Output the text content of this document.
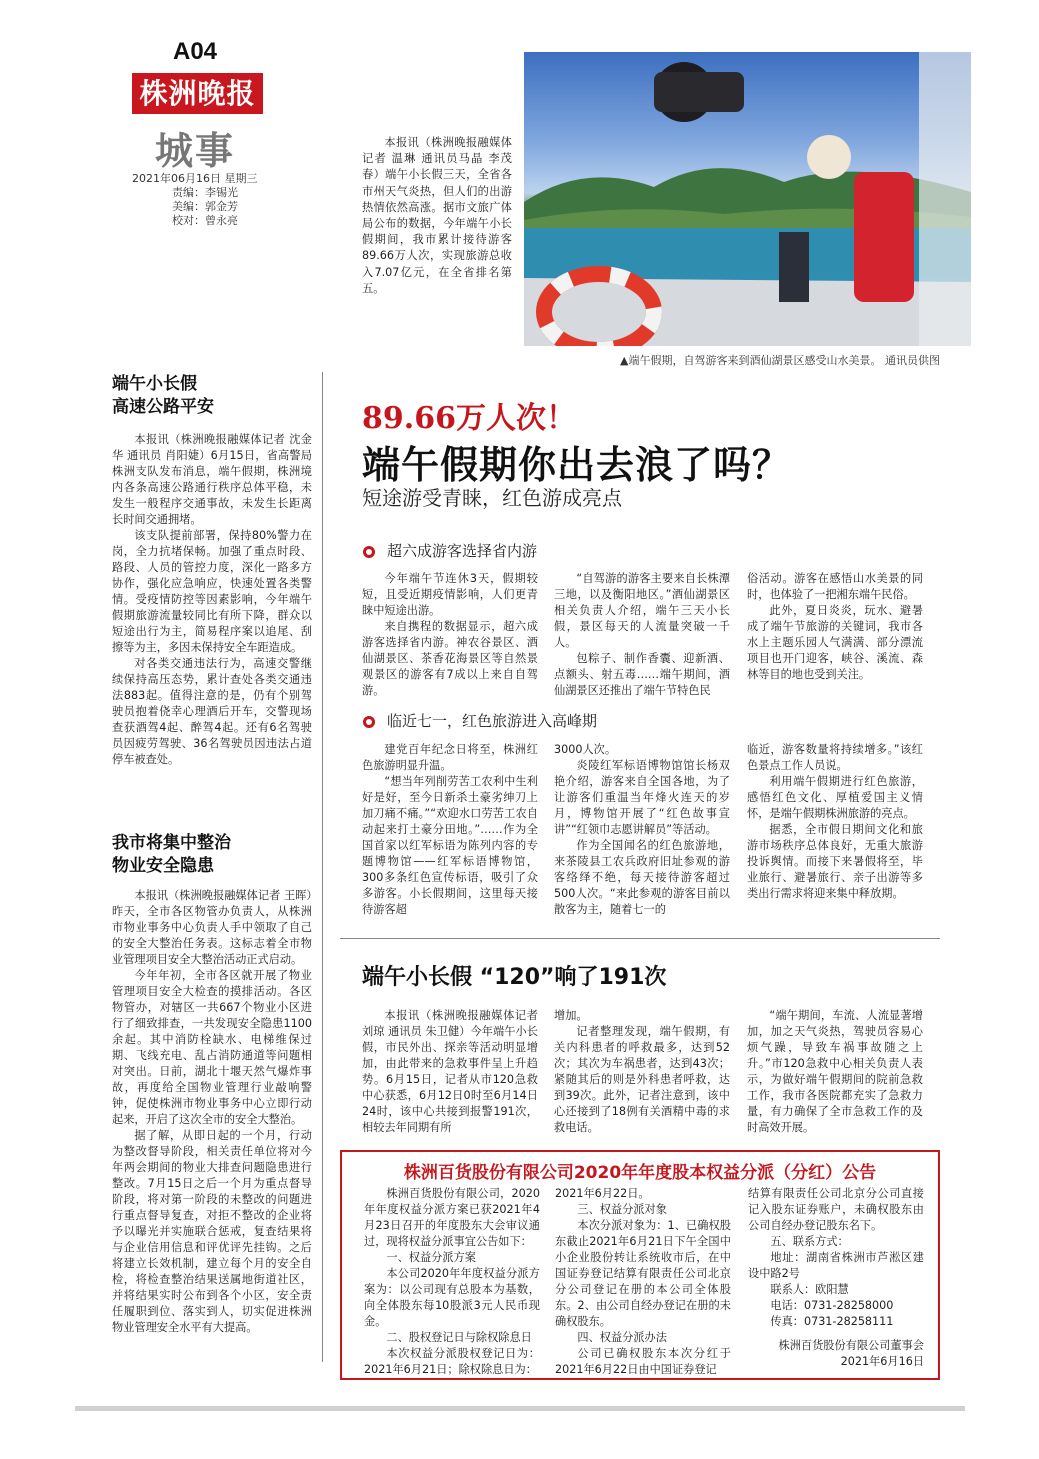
A04
株洲晚报
城事
2021年06月16日 星期三
责编：李锡光
美编：郭金芳
校对：曾永亮

本报讯（株洲晚报融媒体记者 温琳 通讯员马晶 李茂春）端午小长假三天，全省各市州天气炎热，但人们的出游热情依然高涨。据市文旅广体局公布的数据，今年端午小长假期间，我市累计接待游客89.66万人次，实现旅游总收入7.07亿元，在全省排名第五。

▲端午假期，自驾游客来到酒仙湖景区感受山水美景。 通讯员供图
端午小长假
高速公路平安

本报讯（株洲晚报融媒体记者 沈金华 通讯员 肖阳婕）6月15日，省高警局株洲支队发布消息，端午假期，株洲境内各条高速公路通行秩序总体平稳，未发生一般程序交通事故，未发生长距离长时间交通拥堵。

该支队提前部署，保持80%警力在岗，全力抗堵保畅。加强了重点时段、路段、人员的管控力度，深化一路多方协作，强化应急响应，快速处置各类警情。受疫情防控等因素影响，今年端午假期旅游流量较同比有所下降，群众以短途出行为主，简易程序案以追尾、刮擦等为主，多因未保持安全车距造成。

对各类交通违法行为，高速交警继续保持高压态势，累计查处各类交通违法883起。值得注意的是，仍有个别驾驶员抱着侥幸心理酒后开车，交警现场查获酒驾4起、醉驾4起。还有6名驾驶员因疲劳驾驶、36名驾驶员因违法占道停车被查处。

我市将集中整治
物业安全隐患

本报讯（株洲晚报融媒体记者 王晖）昨天，全市各区物管办负责人，从株洲市物业事务中心负责人手中领取了自己的安全大整治任务表。这标志着全市物业管理项目安全大整治活动正式启动。

今年年初，全市各区就开展了物业管理项目安全大检查的摸排活动。各区物管办，对辖区一共667个物业小区进行了细致排查，一共发现安全隐患1100余起。其中消防栓缺水、电梯维保过期、飞线充电、乱占消防通道等问题相对突出。日前，湖北十堰天然气爆炸事故，再度给全国物业管理行业敲响警钟，促使株洲市物业事务中心立即行动起来，开启了这次全市的安全大整治。

据了解，从即日起的一个月，行动为整改督导阶段，相关责任单位将对今年两会期间的物业大排查问题隐患进行整改。7月15日之后一个月为重点督导阶段，将对第一阶段的未整改的问题进行重点督导复查，对拒不整改的企业将予以曝光并实施联合惩戒，复查结果将与企业信用信息和评优评先挂钩。之后将建立长效机制，建立每个月的安全自检，将检查整治结果送属地街道社区，并将结果实时公布到各个小区，安全责任履职到位、落实到人，切实促进株洲物业管理安全水平有大提高。

89.66万人次！
端午假期你出去浪了吗？
短途游受青睐，红色游成亮点
超六成游客选择省内游

今年端午节连休3天，假期较短，且受近期疫情影响，人们更青睐中短途出游。

来自携程的数据显示，超六成游客选择省内游。神农谷景区、酒仙湖景区、茶香花海景区等自然景观景区的游客有7成以上来自自驾游。

“自驾游的游客主要来自长株潭三地，以及衡阳地区。”酒仙湖景区相关负责人介绍，端午三天小长假，景区每天的人流量突破一千人。

包粽子、制作香囊、迎新酒、点额头、射五毒……端午期间，酒仙湖景区还推出了端午节特色民

俗活动。游客在感悟山水美景的同时，也体验了一把湘东端午民俗。

此外，夏日炎炎，玩水、避暑成了端午节旅游的关键词，我市各水上主题乐园人气满满、部分漂流项目也开门迎客，峡谷、溪流、森林等目的地也受到关注。

临近七一，红色旅游进入高峰期

建党百年纪念日将至，株洲红色旅游明显升温。

“想当年列削劳苦工农利中生利好是好，至今日新杀土豪劣绅刀上加刀痛不痛。”“欢迎水口劳苦工农自动起来打土豪分田地。”……作为全国首家以红军标语为陈列内容的专题博物馆——红军标语博物馆，300多条红色宣传标语，吸引了众多游客。小长假期间，这里每天接待游客超

3000人次。

炎陵红军标语博物馆馆长杨双艳介绍，游客来自全国各地，为了让游客们重温当年烽火连天的岁月，博物馆开展了“红色故事宣讲”“红领巾志愿讲解员”等活动。

作为全国闻名的红色旅游地，来茶陵县工农兵政府旧址参观的游客络绎不绝，每天接待游客超过500人次。“来此参观的游客目前以散客为主，随着七一的

临近，游客数量将持续增多。”该红色景点工作人员说。

利用端午假期进行红色旅游，感悟红色文化、厚植爱国主义情怀，是端午假期株洲旅游的亮点。

据悉，全市假日期间文化和旅游市场秩序总体良好，无重大旅游投诉舆情。而接下来暑假将至，毕业旅行、避暑旅行、亲子出游等多类出行需求将迎来集中释放期。

端午小长假 “120”响了191次

本报讯（株洲晚报融媒体记者 刘琼 通讯员 朱卫健）今年端午小长假，市民外出、探亲等活动明显增加，由此带来的急救事件呈上升趋势。6月15日，记者从市120急救中心获悉，6月12日0时至6月14日24时，该中心共接到报警191次，相较去年同期有所

增加。

记者整理发现，端午假期，有关内科患者的呼救最多，达到52次；其次为车祸患者，达到43次；紧随其后的则是外科患者呼救，达到39次。此外，记者注意到，该中心还接到了18例有关酒精中毒的求救电话。

“端午期间，车流、人流显著增加，加之天气炎热，驾驶员容易心烦气躁，导致车祸事故随之上升。”市120急救中心相关负责人表示，为做好端午假期间的院前急救工作，我市各医院都充实了急救力量，有力确保了全市急救工作的及时高效开展。

株洲百货股份有限公司2020年年度股本权益分派（分红）公告

株洲百货股份有限公司，2020年年度权益分派方案已获2021年4月23日召开的年度股东大会审议通过，现将权益分派事宜公告如下：

一、权益分派方案

本公司2020年年度权益分派方案为：以公司现有总股本为基数，向全体股东每10股派3元人民币现金。

二、股权登记日与除权除息日

本次权益分派股权登记日为：2021年6月21日；除权除息日为：

2021年6月22日。

三、权益分派对象

本次分派对象为：1、已确权股东截止2021年6月21日下午全国中小企业股份转让系统收市后，在中国证券登记结算有限责任公司北京分公司登记在册的本公司全体股东。2、由公司自经办登记在册的未确权股东。

四、权益分派办法

公司已确权股东本次分红于2021年6月22日由中国证券登记

结算有限责任公司北京分公司直接记入股东证券账户，未确权股东由公司自经办登记股东名下。

五、联系方式：

地址：湖南省株洲市芦淞区建设中路2号

联系人：欧阳慧

电话：0731-28258000

传真：0731-28258111

株洲百货股份有限公司董事会
2021年6月16日
